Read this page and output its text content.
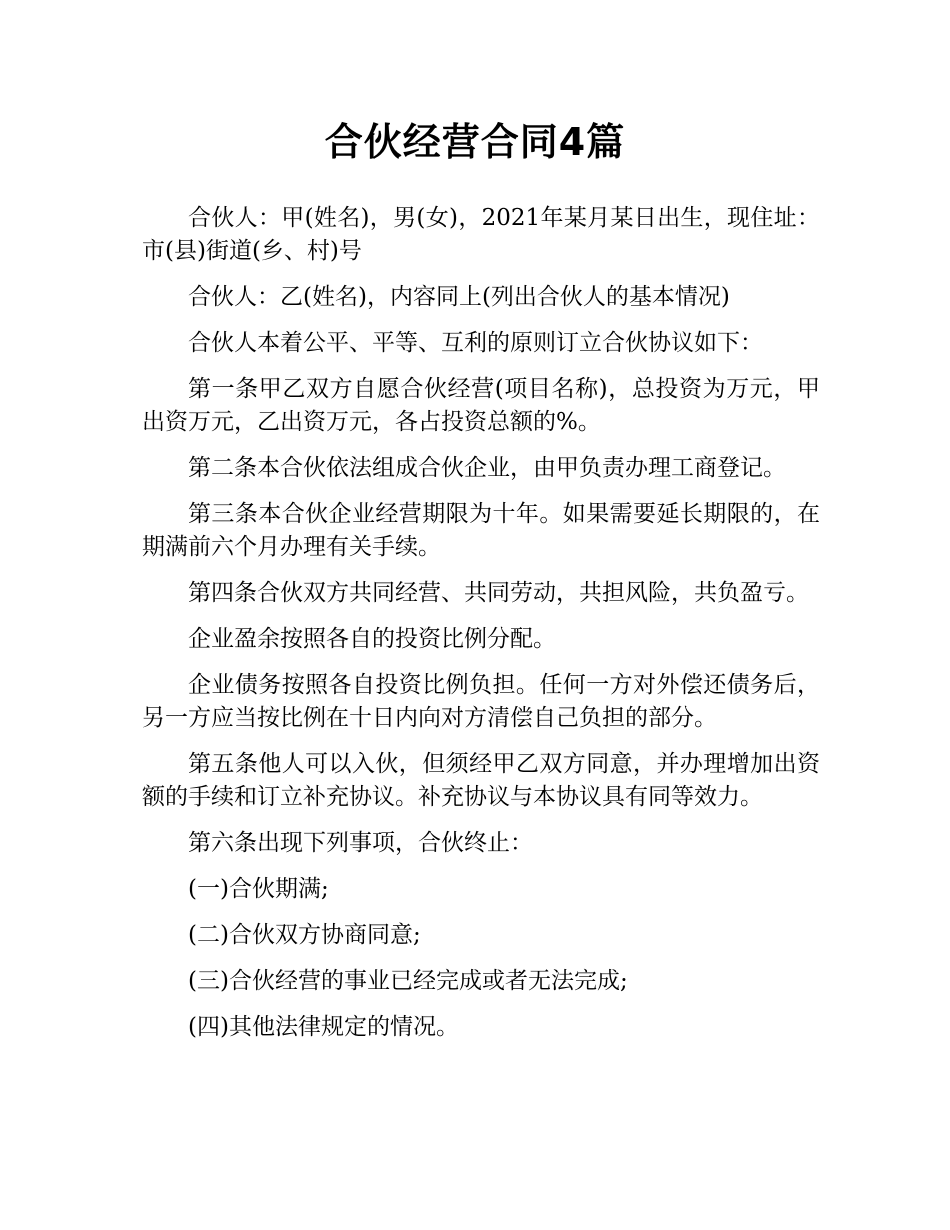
合伙经营合同4篇

合伙人：甲(姓名)，男(女)，2021年某月某日出生，现住址：市(县)街道(乡、村)号

合伙人：乙(姓名)，内容同上(列出合伙人的基本情况)

合伙人本着公平、平等、互利的原则订立合伙协议如下：

第一条甲乙双方自愿合伙经营(项目名称)，总投资为万元，甲出资万元，乙出资万元，各占投资总额的%。

第二条本合伙依法组成合伙企业，由甲负责办理工商登记。

第三条本合伙企业经营期限为十年。如果需要延长期限的，在期满前六个月办理有关手续。

第四条合伙双方共同经营、共同劳动，共担风险，共负盈亏。

企业盈余按照各自的投资比例分配。

企业债务按照各自投资比例负担。任何一方对外偿还债务后，另一方应当按比例在十日内向对方清偿自己负担的部分。

第五条他人可以入伙，但须经甲乙双方同意，并办理增加出资额的手续和订立补充协议。补充协议与本协议具有同等效力。

第六条出现下列事项，合伙终止：

(一)合伙期满;

(二)合伙双方协商同意;

(三)合伙经营的事业已经完成或者无法完成;

(四)其他法律规定的情况。
